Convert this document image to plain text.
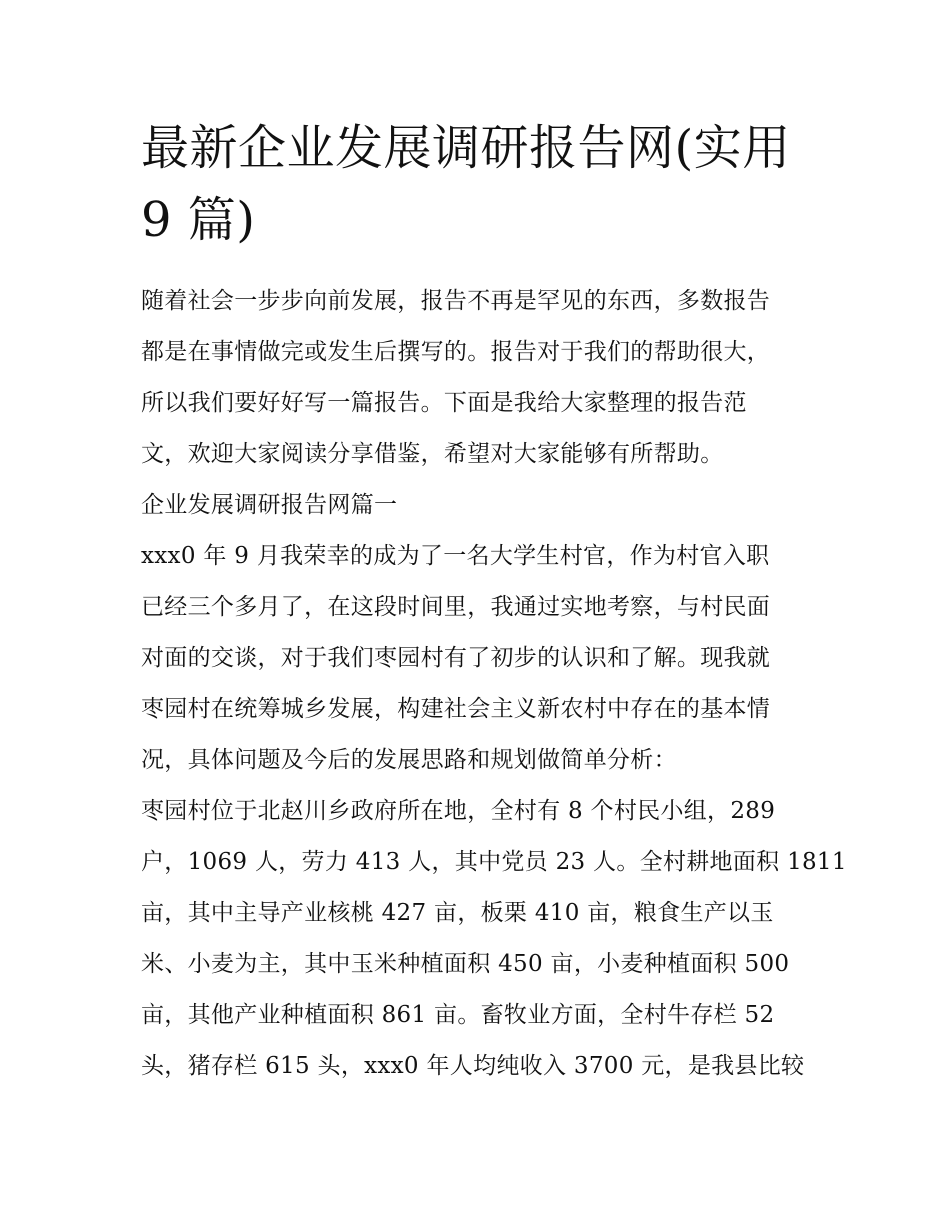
最新企业发展调研报告网(实用
9 篇)

随着社会一步步向前发展，报告不再是罕见的东西，多数报告
都是在事情做完或发生后撰写的。报告对于我们的帮助很大，
所以我们要好好写一篇报告。下面是我给大家整理的报告范
文，欢迎大家阅读分享借鉴，希望对大家能够有所帮助。

企业发展调研报告网篇一

xxx0 年 9 月我荣幸的成为了一名大学生村官，作为村官入职
已经三个多月了，在这段时间里，我通过实地考察，与村民面
对面的交谈，对于我们枣园村有了初步的认识和了解。现我就
枣园村在统筹城乡发展，构建社会主义新农村中存在的基本情
况，具体问题及今后的发展思路和规划做简单分析：

枣园村位于北赵川乡政府所在地，全村有 8 个村民小组，289
户，1069 人，劳力 413 人，其中党员 23 人。全村耕地面积 1811
亩，其中主导产业核桃 427 亩，板栗 410 亩，粮食生产以玉
米、小麦为主，其中玉米种植面积 450 亩，小麦种植面积 500
亩，其他产业种植面积 861 亩。畜牧业方面，全村牛存栏 52
头，猪存栏 615 头，xxx0 年人均纯收入 3700 元，是我县比较
